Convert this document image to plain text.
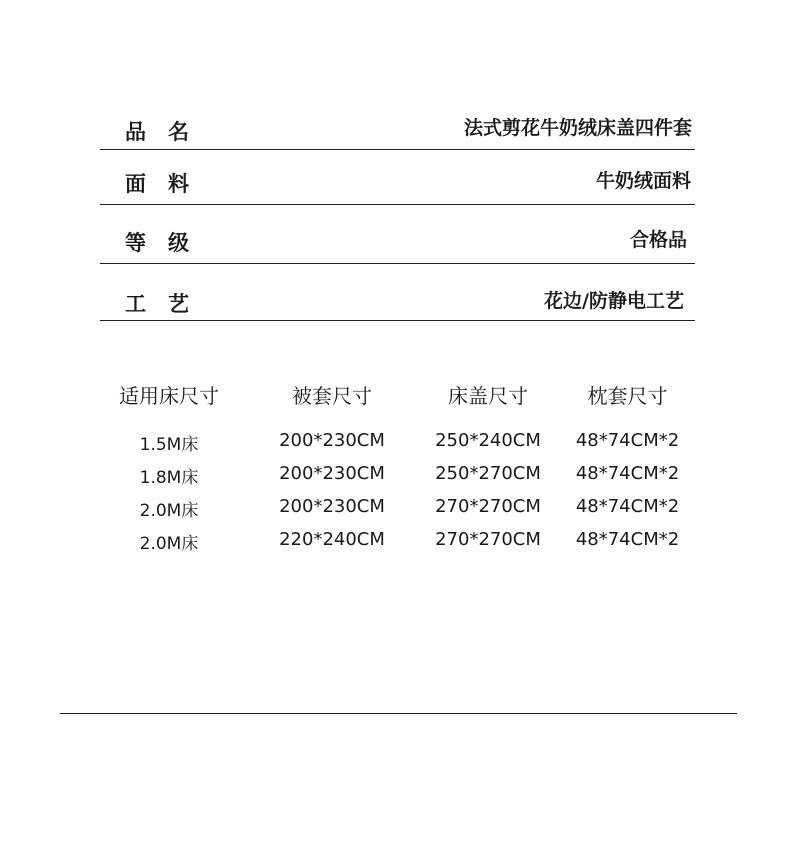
品名	法式剪花牛奶绒床盖四件套
面料	牛奶绒面料
等级	合格品
工艺	花边/防静电工艺
适用床尺寸	被套尺寸	床盖尺寸	枕套尺寸
1.5M床	200*230CM	250*240CM	48*74CM*2
1.8M床	200*230CM	250*270CM	48*74CM*2
2.0M床	200*230CM	270*270CM	48*74CM*2
2.0M床	220*240CM	270*270CM	48*74CM*2
